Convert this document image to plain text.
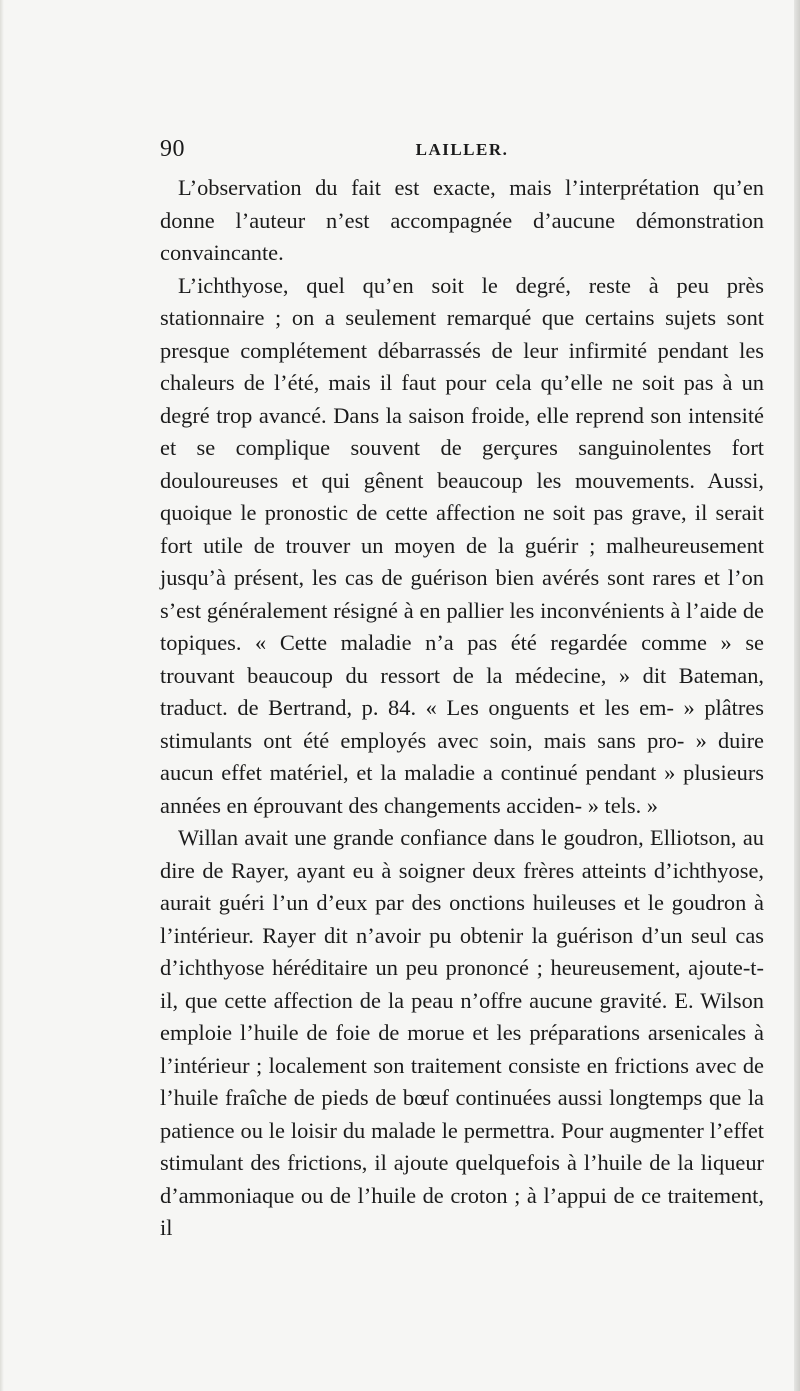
90	LAILLER.

L’observation du fait est exacte, mais l’interprétation qu’en donne l’auteur n’est accompagnée d’aucune démonstration convaincante.

L’ichthyose, quel qu’en soit le degré, reste à peu près stationnaire ; on a seulement remarqué que certains sujets sont presque complétement débarrassés de leur infirmité pendant les chaleurs de l’été, mais il faut pour cela qu’elle ne soit pas à un degré trop avancé. Dans la saison froide, elle reprend son intensité et se complique souvent de gerçures sanguinolentes fort douloureuses et qui gênent beaucoup les mouvements. Aussi, quoique le pronostic de cette affection ne soit pas grave, il serait fort utile de trouver un moyen de la guérir ; malheureusement jusqu’à présent, les cas de guérison bien avérés sont rares et l’on s’est généralement résigné à en pallier les inconvénients à l’aide de topiques. « Cette maladie n’a pas été regardée comme » se trouvant beaucoup du ressort de la médecine, » dit Bateman, traduct. de Bertrand, p. 84. « Les onguents et les em- » plâtres stimulants ont été employés avec soin, mais sans pro- » duire aucun effet matériel, et la maladie a continué pendant » plusieurs années en éprouvant des changements acciden- » tels. »

Willan avait une grande confiance dans le goudron, Elliotson, au dire de Rayer, ayant eu à soigner deux frères atteints d’ichthyose, aurait guéri l’un d’eux par des onctions huileuses et le goudron à l’intérieur. Rayer dit n’avoir pu obtenir la guérison d’un seul cas d’ichthyose héréditaire un peu prononcé ; heureusement, ajoute-t-il, que cette affection de la peau n’offre aucune gravité. E. Wilson emploie l’huile de foie de morue et les préparations arsenicales à l’intérieur ; localement son traitement consiste en frictions avec de l’huile fraîche de pieds de bœuf continuées aussi longtemps que la patience ou le loisir du malade le permettra. Pour augmenter l’effet stimulant des frictions, il ajoute quelquefois à l’huile de la liqueur d’ammoniaque ou de l’huile de croton ; à l’appui de ce traitement, il
